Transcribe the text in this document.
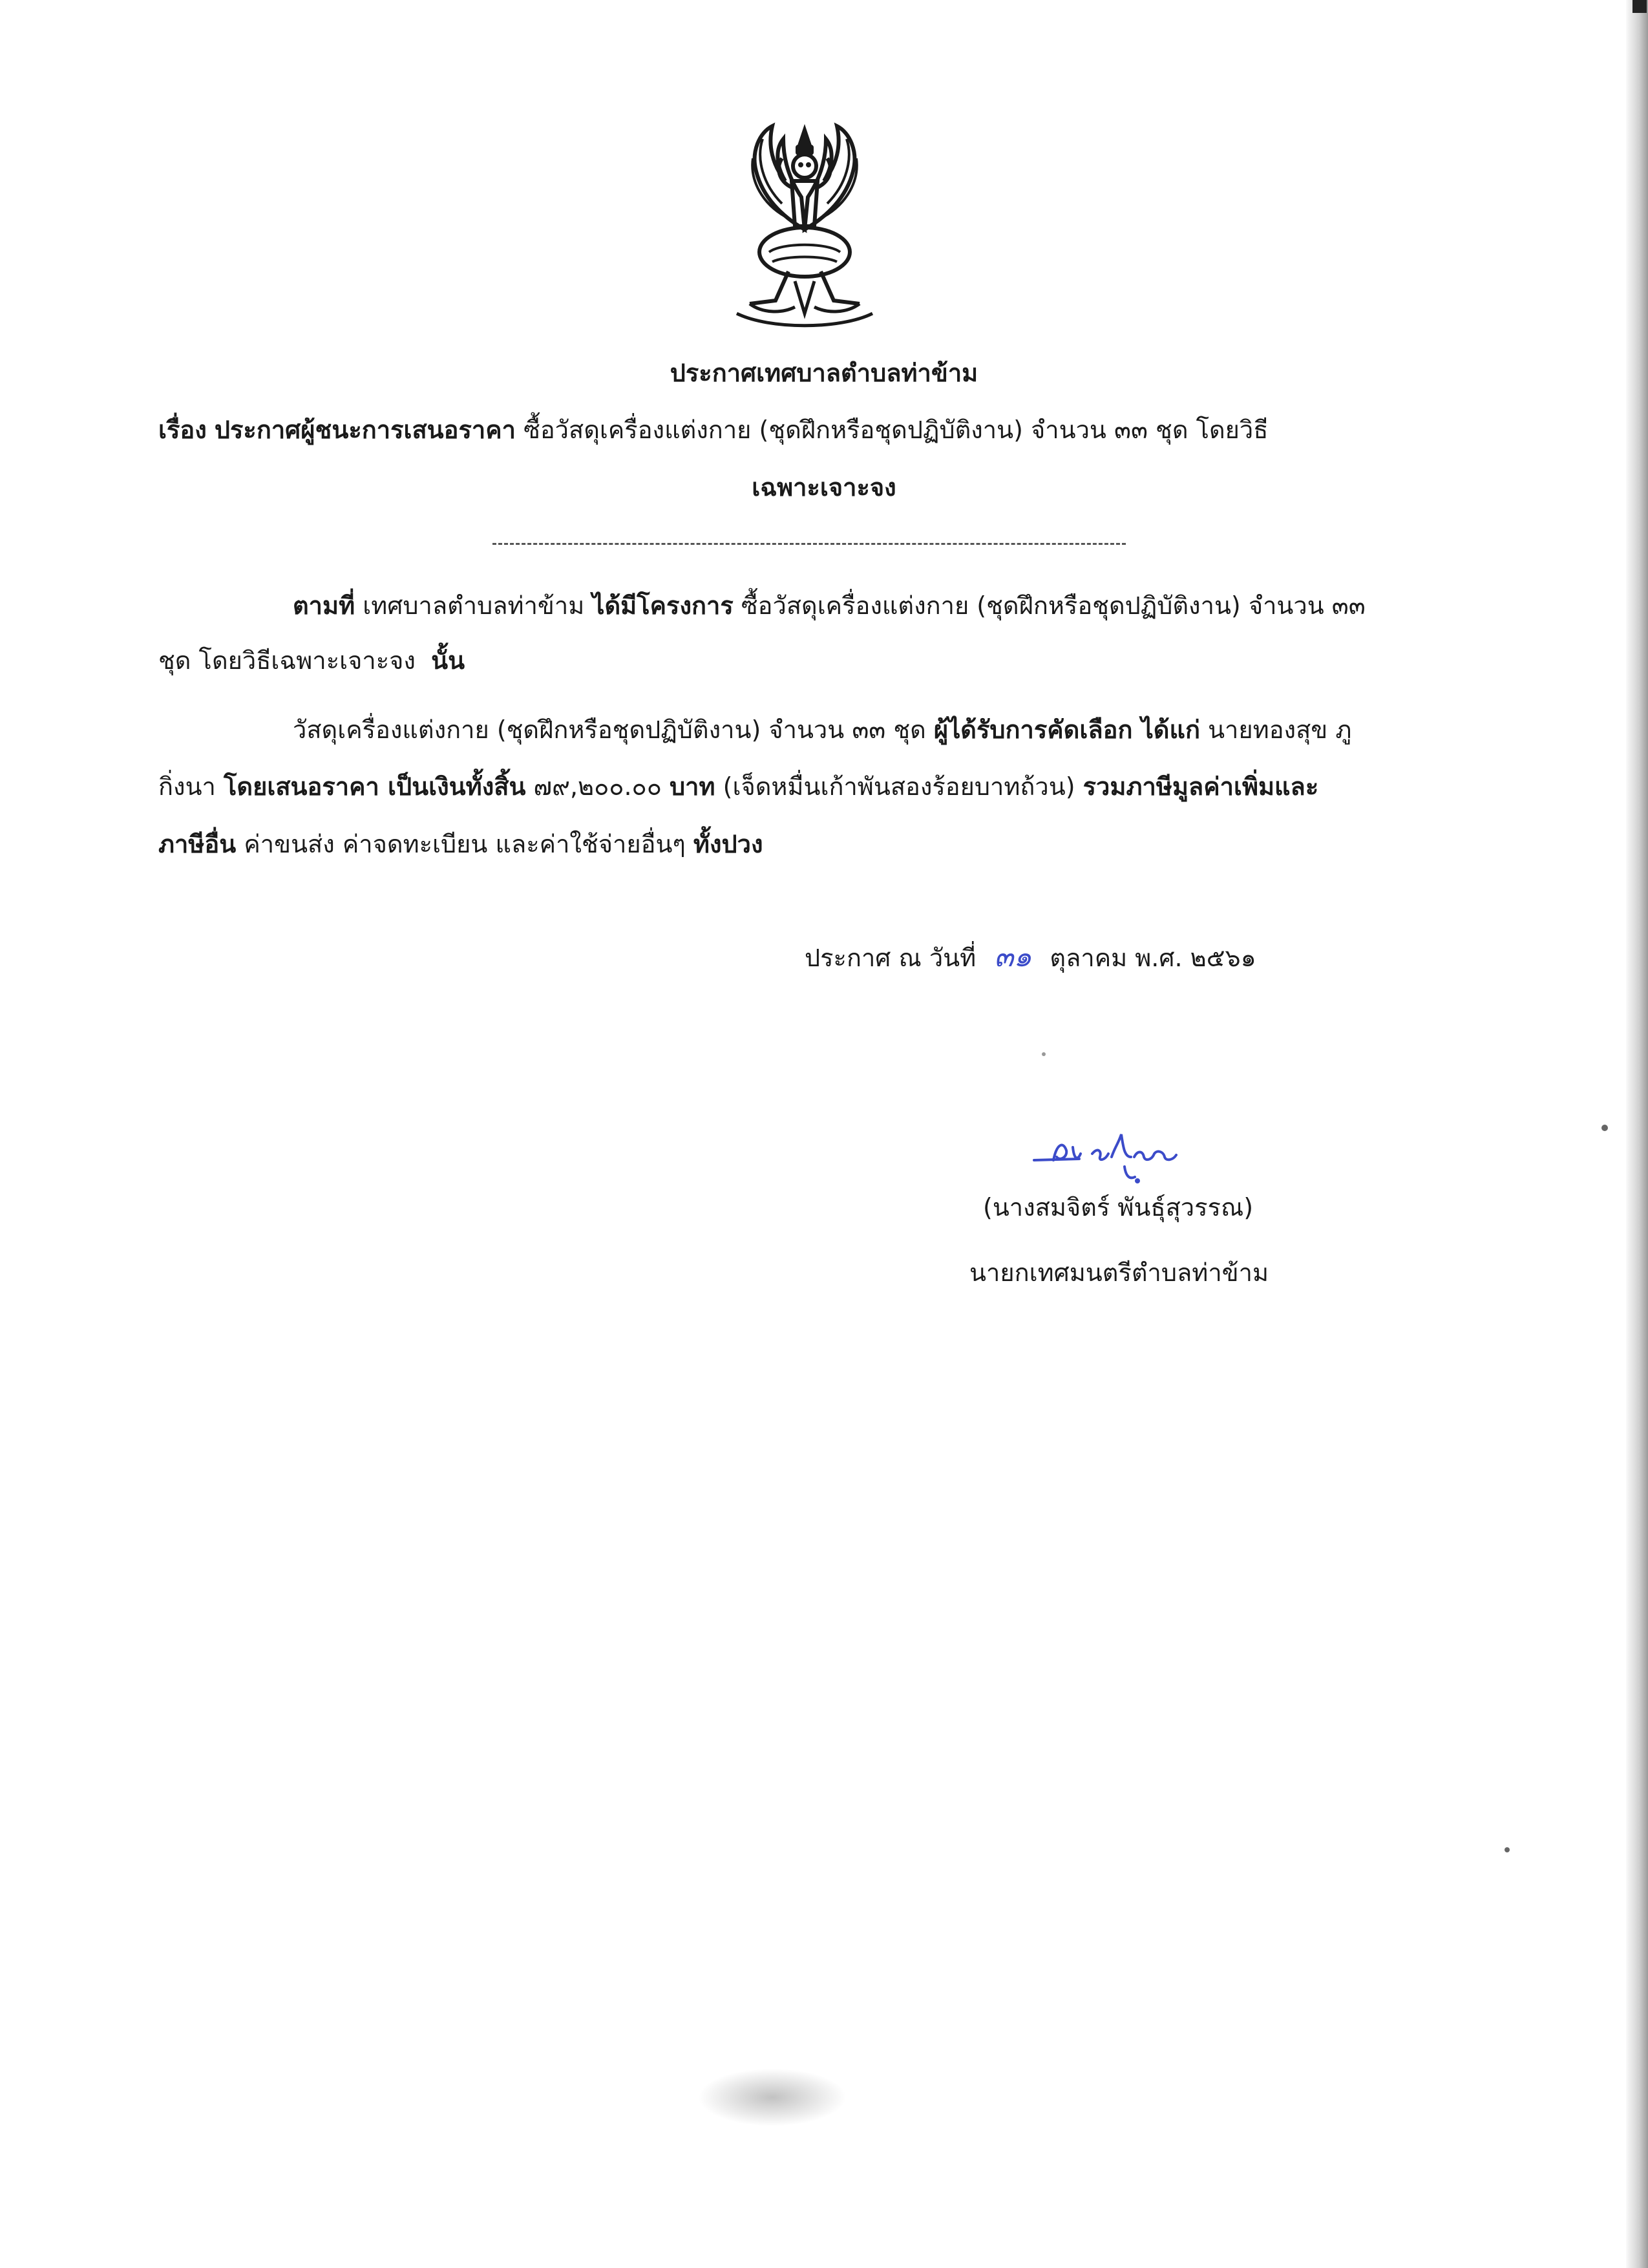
ประกาศเทศบาลตำบลท่าข้าม
เรื่อง ประกาศผู้ชนะการเสนอราคา ซื้อวัสดุเครื่องแต่งกาย (ชุดฝึกหรือชุดปฏิบัติงาน) จำนวน ๓๓ ชุด โดยวิธี
เฉพาะเจาะจง
ตามที่ เทศบาลตำบลท่าข้าม ได้มีโครงการ ซื้อวัสดุเครื่องแต่งกาย (ชุดฝึกหรือชุดปฏิบัติงาน) จำนวน ๓๓
ชุด โดยวิธีเฉพาะเจาะจง นั้น
วัสดุเครื่องแต่งกาย (ชุดฝึกหรือชุดปฏิบัติงาน) จำนวน ๓๓ ชุด ผู้ได้รับการคัดเลือก ได้แก่ นายทองสุข ภู
กิ่งนา โดยเสนอราคา เป็นเงินทั้งสิ้น ๗๙,๒๐๐.๐๐ บาท (เจ็ดหมื่นเก้าพันสองร้อยบาทถ้วน) รวมภาษีมูลค่าเพิ่มและ
ภาษีอื่น ค่าขนส่ง ค่าจดทะเบียน และค่าใช้จ่ายอื่นๆ ทั้งปวง
ประกาศ ณ วันที่ ๓๑ ตุลาคม พ.ศ. ๒๕๖๑
(นางสมจิตร์ พันธุ์สุวรรณ)
นายกเทศมนตรีตำบลท่าข้าม
